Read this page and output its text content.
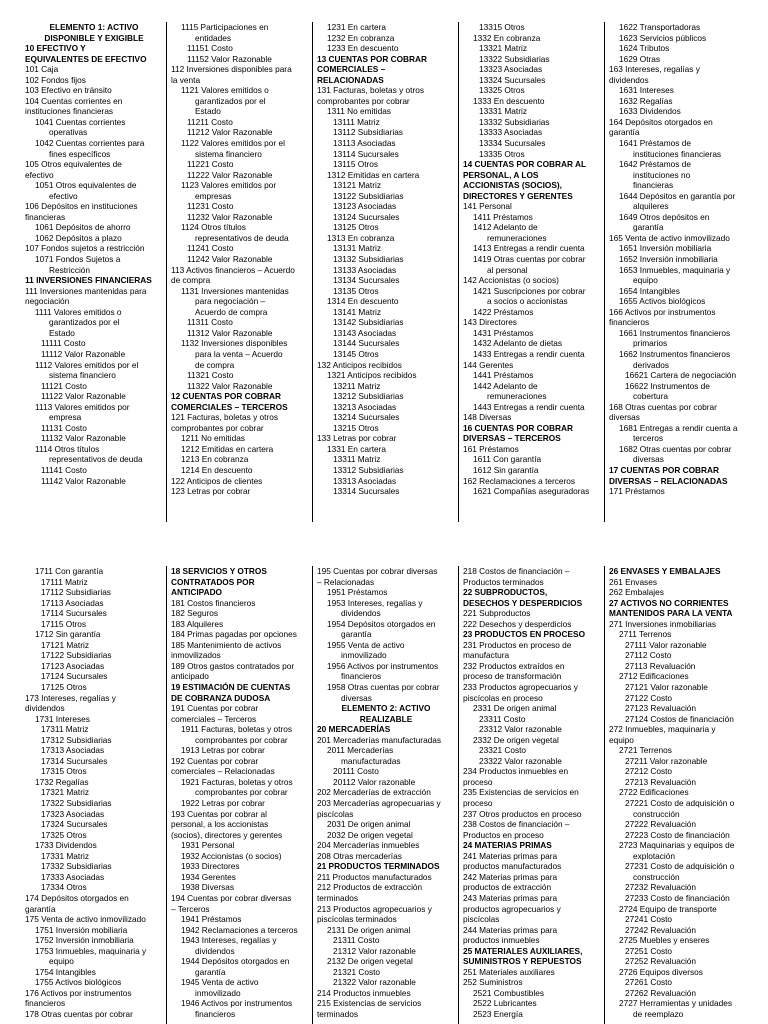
ELEMENTO 1: ACTIVO
DISPONIBLE Y EXIGIBLE
10 EFECTIVO Y
EQUIVALENTES DE EFECTIVO
101 Caja
102 Fondos fijos
103 Efectivo en tránsito
104 Cuentas corrientes en
instituciones financieras
1041 Cuentas corrientes
operativas
1042 Cuentas corrientes para
fines específicos
105 Otros equivalentes de
efectivo
1051 Otros equivalentes de
efectivo
106 Depósitos en instituciones
financieras
1061 Depósitos de ahorro
1062 Depósitos a plazo
107 Fondos sujetos a restricción
1071 Fondos Sujetos a
Restricción
11 INVERSIONES FINANCIERAS
111 Inversiones mantenidas para
negociación
1111 Valores emitidos o
garantizados por el
Estado
11111 Costo
11112 Valor Razonable
1112 Valores emitidos por el
sistema financiero
11121 Costo
11122 Valor Razonable
1113 Valores emitidos por
empresa
11131 Costo
11132 Valor Razonable
1114 Otros títulos
representativos de deuda
11141 Costo
11142 Valor Razonable
1115 Participaciones en
entidades
11151 Costo
11152 Valor Razonable
112 Inversiones disponibles para
la venta
1121 Valores emitidos o
garantizados por el
Estado
11211 Costo
11212 Valor Razonable
1122 Valores emitidos por el
sistema financiero
11221 Costo
11222 Valor Razonable
1123 Valores emitidos por
empresas
11231 Costo
11232 Valor Razonable
1124 Otros títulos
representativos de deuda
11241 Costo
11242 Valor Razonable
113 Activos financieros – Acuerdo
de compra
1131 Inversiones mantenidas
para negociación –
Acuerdo de compra
11311 Costo
11312 Valor Razonable
1132 Inversiones disponibles
para la venta – Acuerdo
de compra
11321 Costo
11322 Valor Razonable
12 CUENTAS POR COBRAR
COMERCIALES – TERCEROS
121 Facturas, boletas y otros
comprobantes por cobrar
1211 No emitidas
1212 Emitidas en cartera
1213 En cobranza
1214 En descuento
122 Anticipos de clientes
123 Letras por cobrar
1231 En cartera
1232 En cobranza
1233 En descuento
13 CUENTAS POR COBRAR
COMERCIALES –
RELACIONADAS
131 Facturas, boletas y otros
comprobantes por cobrar
1311 No emitidas
13111 Matriz
13112 Subsidiarias
13113 Asociadas
13114 Sucursales
13115 Otros
1312 Emitidas en cartera
13121 Matriz
13122 Subsidiarias
13123 Asociadas
13124 Sucursales
13125 Otros
1313 En cobranza
13131 Matriz
13132 Subsidiarias
13133 Asociadas
13134 Sucursales
13135 Otros
1314 En descuento
13141 Matriz
13142 Subsidiarias
13143 Asociadas
13144 Sucursales
13145 Otros
132 Anticipos recibidos
1321 Anticipos recibidos
13211 Matriz
13212 Subsidiarias
13213 Asociadas
13214 Sucursales
13215 Otros
133 Letras por cobrar
1331 En cartera
13311 Matriz
13312 Subsidiarias
13313 Asociadas
13314 Sucursales
13315 Otros
1332 En cobranza
13321 Matriz
13322 Subsidiarias
13323 Asociadas
13324 Sucursales
13325 Otros
1333 En descuento
13331 Matriz
13332 Subsidiarias
13333 Asociadas
13334 Sucursales
13335 Otros
14 CUENTAS POR COBRAR AL
PERSONAL, A LOS
ACCIONISTAS (SOCIOS),
DIRECTORES Y GERENTES
141 Personal
1411 Préstamos
1412 Adelanto de
remuneraciones
1413 Entregas a rendir cuenta
1419 Otras cuentas por cobrar
al personal
142 Accionistas (o socios)
1421 Suscripciones por cobrar
a socios o accionistas
1422 Préstamos
143 Directores
1431 Préstamos
1432 Adelanto de dietas
1433 Entregas a rendir cuenta
144 Gerentes
1441 Préstamos
1442 Adelanto de
remuneraciones
1443 Entregas a rendir cuenta
148 Diversas
16 CUENTAS POR COBRAR
DIVERSAS – TERCEROS
161 Préstamos
1611 Con garantía
1612 Sin garantía
162 Reclamaciones a terceros
1621 Compañías aseguradoras
1622 Transportadoras
1623 Servicios públicos
1624 Tributos
1629 Otras
163 Intereses, regalías y
dividendos
1631 Intereses
1632 Regalías
1633 Dividendos
164 Depósitos otorgados en
garantía
1641 Préstamos de
instituciones financieras
1642 Préstamos de
instituciones no
financieras
1644 Depósitos en garantía por
alquileres
1649 Otros depósitos en
garantía
165 Venta de activo inmovilizado
1651 Inversión mobiliaria
1652 Inversión inmobiliaria
1653 Inmuebles, maquinaria y
equipo
1654 Intangibles
1655 Activos biológicos
166 Activos por instrumentos
financieros
1661 Instrumentos financieros
primarios
1662 Instrumentos financieros
derivados
16621 Cartera de negociación
16622 Instrumentos de
cobertura
168 Otras cuentas por cobrar
diversas
1681 Entregas a rendir cuenta a
terceros
1682 Otras cuentas por cobrar
diversas
17 CUENTAS POR COBRAR
DIVERSAS – RELACIONADAS
171 Préstamos
1711 Con garantía
17111 Matriz
17112 Subsidiarias
17113 Asociadas
17114 Sucursales
17115 Otros
1712 Sin garantía
17121 Matriz
17122 Subsidiarias
17123 Asociadas
17124 Sucursales
17125 Otros
173 Intereses, regalías y
dividendos
1731 Intereses
17311 Matriz
17312 Subsidiarias
17313 Asociadas
17314 Sucursales
17315 Otros
1732 Regalías
17321 Matriz
17322 Subsidiarias
17323 Asociadas
17324 Sucursales
17325 Otros
1733 Dividendos
17331 Matriz
17332 Subsidiarias
17333 Asociadas
17334 Otros
174 Depósitos otorgados en
garantía
175 Venta de activo inmovilizado
1751 Inversión mobiliaria
1752 Inversión inmobiliaria
1753 Inmuebles, maquinaria y
equipo
1754 Intangibles
1755 Activos biológicos
176 Activos por instrumentos
financieros
178 Otras cuentas por cobrar
18 SERVICIOS Y OTROS
CONTRATADOS POR
ANTICIPADO
181 Costos financieros
182 Seguros
183 Alquileres
184 Primas pagadas por opciones
185 Mantenimiento de activos
inmovilizados
189 Otros gastos contratados por
anticipado
19 ESTIMACIÓN DE CUENTAS
DE COBRANZA DUDOSA
191 Cuentas por cobrar
comerciales – Terceros
1911 Facturas, boletas y otros
comprobantes por cobrar
1913 Letras por cobrar
192 Cuentas por cobrar
comerciales – Relacionadas
1921 Facturas, boletas y otros
comprobantes por cobrar
1922 Letras por cobrar
193 Cuentas por cobrar al
personal, a los accionistas
(socios), directores y gerentes
1931 Personal
1932 Accionistas (o socios)
1933 Directores
1934 Gerentes
1938 Diversas
194 Cuentas por cobrar diversas
– Terceros
1941 Préstamos
1942 Reclamaciones a terceros
1943 Intereses, regalías y
dividendos
1944 Depósitos otorgados en
garantía
1945 Venta de activo
inmovilizado
1946 Activos por instrumentos
financieros
195 Cuentas por cobrar diversas
– Relacionadas
1951 Préstamos
1953 Intereses, regalías y
dividendos
1954 Depósitos otorgados en
garantía
1955 Venta de activo
inmovilizado
1956 Activos por instrumentos
financieros
1958 Otras cuentas por cobrar
diversas
ELEMENTO 2: ACTIVO
REALIZABLE
20 MERCADERÍAS
201 Mercaderías manufacturadas
2011 Mercaderías
manufacturadas
20111 Costo
20112 Valor razonable
202 Mercaderías de extracción
203 Mercaderías agropecuarias y
piscícolas
2031 De origen animal
2032 De origen vegetal
204 Mercaderías inmuebles
208 Otras mercaderías
21 PRODUCTOS TERMINADOS
211 Productos manufacturados
212 Productos de extracción
terminados
213 Productos agropecuarios y
piscícolas terminados
2131 De origen animal
21311 Costo
21312 Valor razonable
2132 De origen vegetal
21321 Costo
21322 Valor razonable
214 Productos inmuebles
215 Existencias de servicios
terminados
218 Costos de financiación –
Productos terminados
22 SUBPRODUCTOS,
DESECHOS Y DESPERDICIOS
221 Subproductos
222 Desechos y desperdicios
23 PRODUCTOS EN PROCESO
231 Productos en proceso de
manufactura
232 Productos extraídos en
proceso de transformación
233 Productos agropecuarios y
piscícolas en proceso
2331 De origen animal
23311 Costo
23312 Valor razonable
2332 De origen vegetal
23321 Costo
23322 Valor razonable
234 Productos inmuebles en
proceso
235 Existencias de servicios en
proceso
237 Otros productos en proceso
238 Costos de financiación –
Productos en proceso
24 MATERIAS PRIMAS
241 Materias primas para
productos manufacturados
242 Materias primas para
productos de extracción
243 Materias primas para
productos agropecuarios y
piscícolas
244 Materias primas para
productos inmuebles
25 MATERIALES AUXILIARES,
SUMINISTROS Y REPUESTOS
251 Materiales auxiliares
252 Suministros
2521 Combustibles
2522 Lubricantes
2523 Energía
26 ENVASES Y EMBALAJES
261 Envases
262 Embalajes
27 ACTIVOS NO CORRIENTES
MANTENIDOS PARA LA VENTA
271 Inversiones inmobiliarias
2711 Terrenos
27111 Valor razonable
27112 Costo
27113 Revaluación
2712 Edificaciones
27121 Valor razonable
27122 Costo
27123 Revaluación
27124 Costos de financiación
272 Inmuebles, maquinaria y
equipo
2721 Terrenos
27211 Valor razonable
27212 Costo
27213 Revaluación
2722 Edificaciones
27221 Costo de adquisición o
construcción
27222 Revaluación
27223 Costo de financiación
2723 Maquinarias y equipos de
explotación
27231 Costo de adquisición o
construcción
27232 Revaluación
27233 Costo de financiación
2724 Equipo de transporte
27241 Costo
27242 Revaluación
2725 Muebles y enseres
27251 Costo
27252 Revaluación
2726 Equipos diversos
27261 Costo
27262 Revaluación
2727 Herramientas y unidades
de reemplazo
